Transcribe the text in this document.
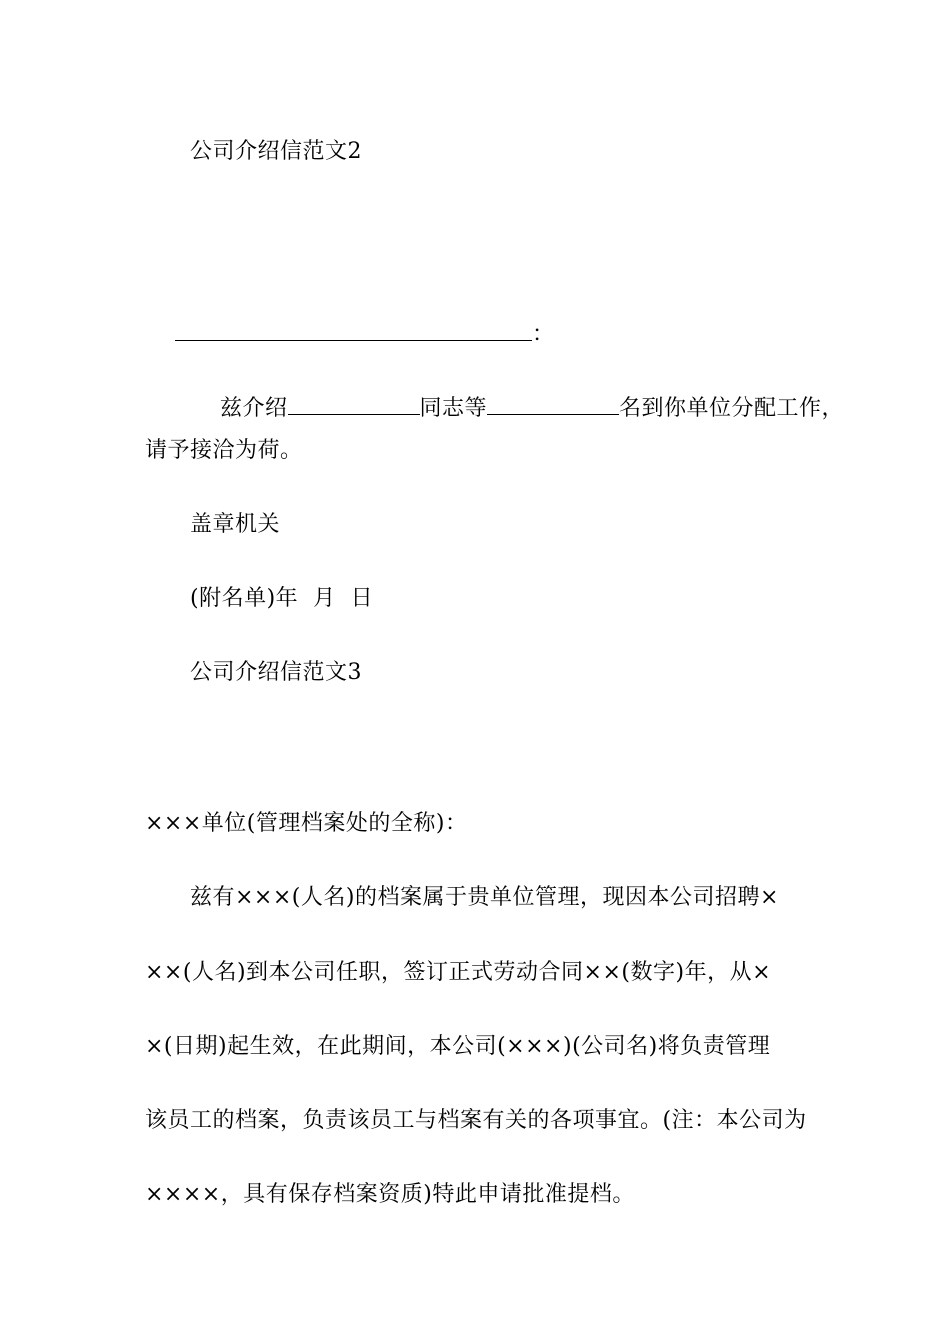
公司介绍信范文2

：

兹介绍	同志等	名到你单位分配工作，

请予接洽为荷。
盖章机关
(附名单)年  月  日
公司介绍信范文3
×××单位(管理档案处的全称)：
兹有×××(人名)的档案属于贵单位管理，现因本公司招聘×
××(人名)到本公司任职，签订正式劳动合同××(数字)年，从×
×(日期)起生效，在此期间，本公司(×××)(公司名)将负责管理
该员工的档案，负责该员工与档案有关的各项事宜。(注：本公司为
××××，具有保存档案资质)特此申请批准提档。
